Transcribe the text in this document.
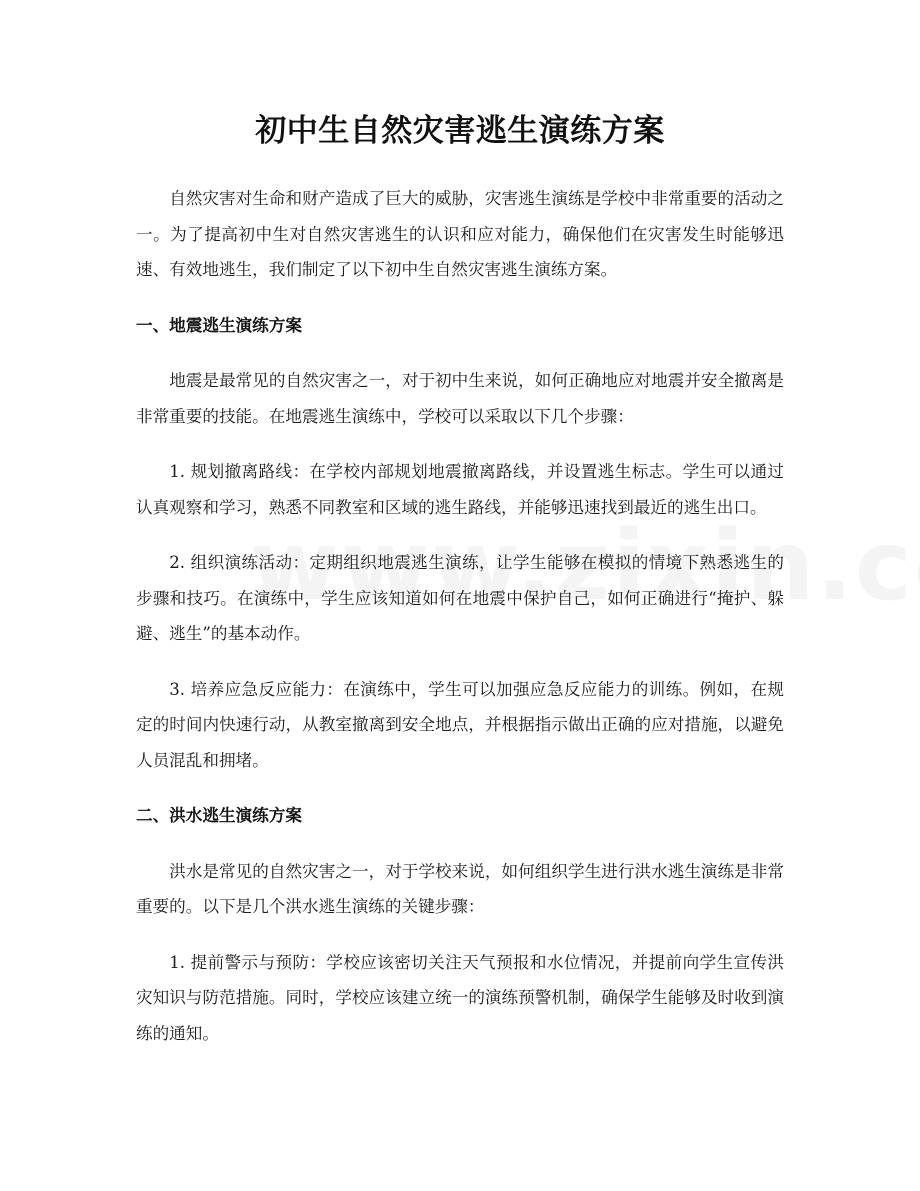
初中生自然灾害逃生演练方案

自然灾害对生命和财产造成了巨大的威胁，灾害逃生演练是学校中非常重要的活动之一。为了提高初中生对自然灾害逃生的认识和应对能力，确保他们在灾害发生时能够迅速、有效地逃生，我们制定了以下初中生自然灾害逃生演练方案。

一、地震逃生演练方案

地震是最常见的自然灾害之一，对于初中生来说，如何正确地应对地震并安全撤离是非常重要的技能。在地震逃生演练中，学校可以采取以下几个步骤：

1. 规划撤离路线：在学校内部规划地震撤离路线，并设置逃生标志。学生可以通过认真观察和学习，熟悉不同教室和区域的逃生路线，并能够迅速找到最近的逃生出口。

2. 组织演练活动：定期组织地震逃生演练，让学生能够在模拟的情境下熟悉逃生的步骤和技巧。在演练中，学生应该知道如何在地震中保护自己，如何正确进行“掩护、躲避、逃生”的基本动作。

3. 培养应急反应能力：在演练中，学生可以加强应急反应能力的训练。例如，在规定的时间内快速行动，从教室撤离到安全地点，并根据指示做出正确的应对措施，以避免人员混乱和拥堵。

二、洪水逃生演练方案

洪水是常见的自然灾害之一，对于学校来说，如何组织学生进行洪水逃生演练是非常重要的。以下是几个洪水逃生演练的关键步骤：

1. 提前警示与预防：学校应该密切关注天气预报和水位情况，并提前向学生宣传洪灾知识与防范措施。同时，学校应该建立统一的演练预警机制，确保学生能够及时收到演练的通知。
